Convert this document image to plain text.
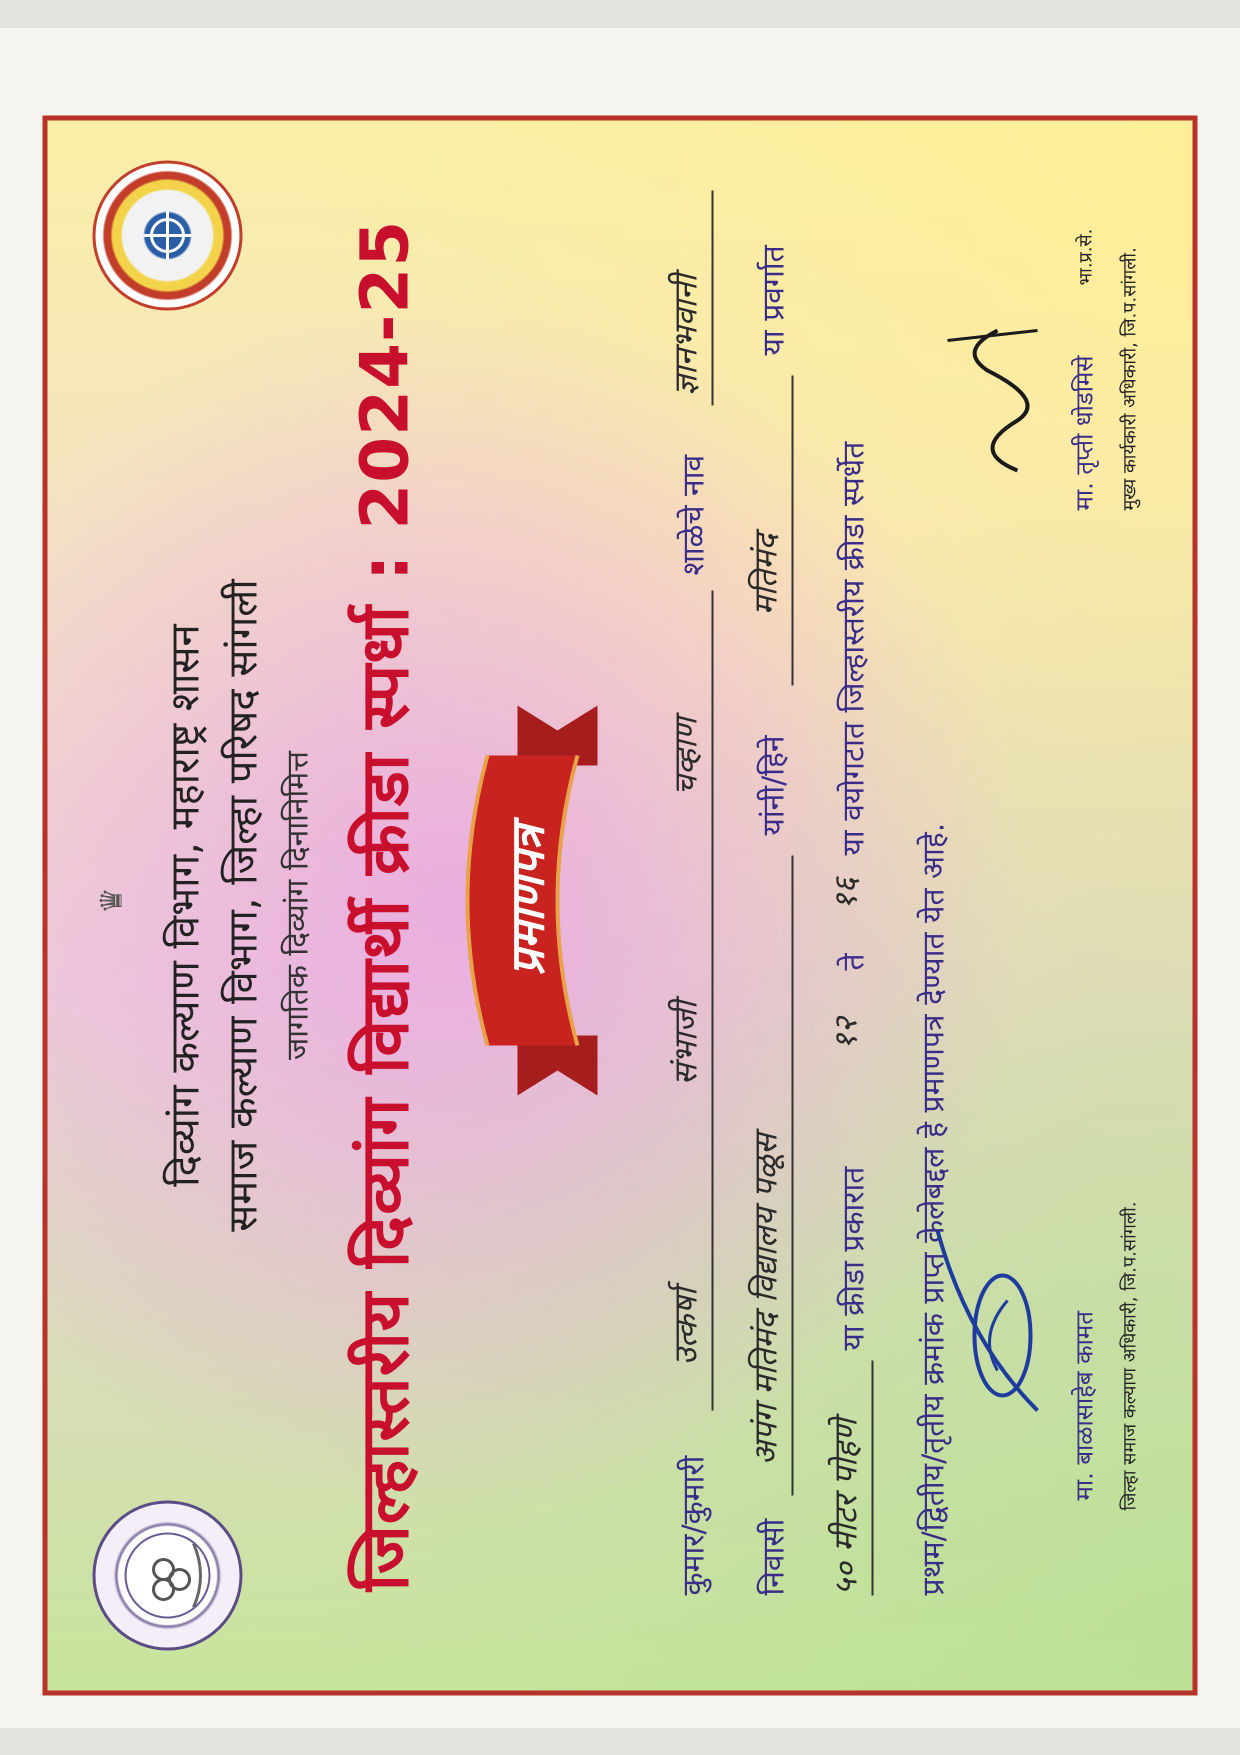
♛ दिव्यांग कल्याण विभाग, महाराष्ट्र शासन समाज कल्याण विभाग, जिल्हा परिषद सांगली जागतिक दिव्यांग दिनानिमित्त जिल्हास्तरीय दिव्यांग विद्यार्थी क्रीडा स्पर्धा : 2024-25 प्रमाणपत्र
कुमार/कुमारी
उत्कर्षा
संभाजी
चव्हाण
शाळेचे नाव
ज्ञानभवानी
निवासी
अपंग मतिमंद विद्यालय पळूस
यांनी/हिने
मतिमंद
या प्रवर्गात
५० मीटर पोहणे
या क्रीडा प्रकारात
१२
ते
१६
या वयोगटात जिल्हास्तरीय क्रीडा स्पर्धेत
प्रथम/द्वितीय/तृतीय क्रमांक प्राप्त केलेबद्दल हे प्रमाणपत्र देण्यात येत आहे.	मा. बाळासाहेब कामत जिल्हा समाज कल्याण अधिकारी, जि.प.सांगली.
मा. तृप्ती धोडमिसे
भा.प्र.से. मुख्य कार्यकारी अधिकारी, जि.प.सांगली.
